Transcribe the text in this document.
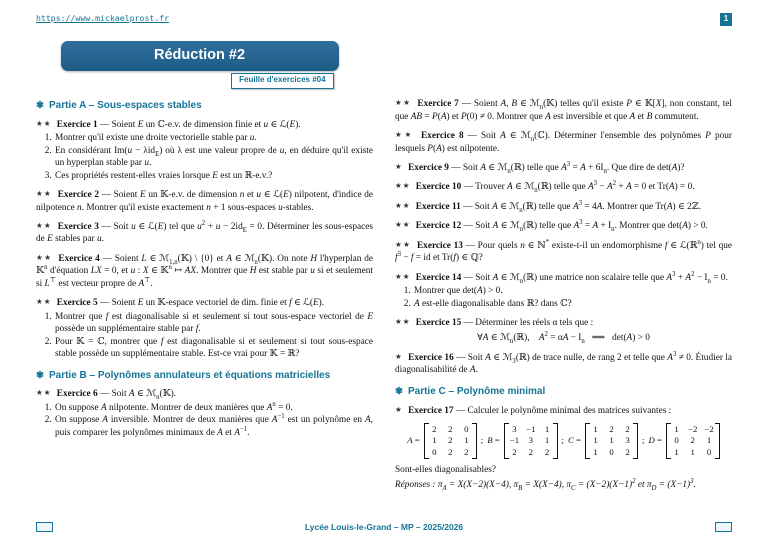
https://www.mickaelprost.fr	1
Réduction #2
Feuille d'exercices #04
✾ Partie A – Sous-espaces stables

★★ Exercice 1 — Soient E un ℂ-e.v. de dimension finie et u ∈ ℒ(E).

1. Montrer qu'il existe une droite vectorielle stable par u.
2. En considérant Im(u − λid$_E$) où λ est une valeur propre de u, en déduire qu'il existe un hyperplan stable par u.
3. Ces propriétés restent-elles vraies lorsque E est un ℝ-e.v.?

★★ Exercice 2 — Soient E un 𝕂-e.v. de dimension n et u ∈ ℒ(E) nilpotent, d'indice de nilpotence n. Montrer qu'il existe exactement n + 1 sous-espaces u-stables.

★★ Exercice 3 — Soit u ∈ ℒ(E) tel que $u^2 + u - 2id_E = 0$. Déterminer les sous-espaces de E stables par u.

★★ Exercice 4 — Soient L ∈ ℳ$_{1,n}$(𝕂) \ {0} et A ∈ ℳ$_n$(𝕂). On note H l'hyperplan de 𝕂$^n$ d'équation LX = 0, et u : X ∈ 𝕂$^n$ ↦ AX. Montrer que H est stable par u si et seulement si L⊤ est vecteur propre de A⊤.

★★ Exercice 5 — Soient E un 𝕂-espace vectoriel de dim. finie et f ∈ ℒ(E).

1. Montrer que f est diagonalisable si et seulement si tout sous-espace vectoriel de E possède un supplémentaire stable par f.
2. Pour 𝕂 = ℂ, montrer que f est diagonalisable si et seulement si tout sous-espace stable possède un supplémentaire stable. Est-ce vrai pour 𝕂 = ℝ?
✾ Partie B – Polynômes annulateurs et équations matricielles

★★ Exercice 6 — Soit A ∈ ℳ$_n$(𝕂).

1. On suppose A nilpotente. Montrer de deux manières que $A^n = 0$.
2. On suppose A inversible. Montrer de deux manières que $A^{-1}$ est un polynôme en A, puis comparer les polynômes minimaux de A et $A^{-1}$.

★★ Exercice 7 — Soient A, B ∈ ℳ$_n$(𝕂) telles qu'il existe P ∈ 𝕂[X], non constant, tel que AB = P(A) et P(0) ≠ 0. Montrer que A est inversible et que A et B commutent.

★★ Exercice 8 — Soit A ∈ ℳ$_n$(ℂ). Déterminer l'ensemble des polynômes P pour lesquels P(A) est nilpotente.

★ Exercice 9 — Soit A ∈ ℳ$_n$(ℝ) telle que $A^3 = A + 6I_n$. Que dire de det(A)?

★★ Exercice 10 — Trouver A ∈ ℳ$_n$(ℝ) telle que $A^3 - A^2 + A = 0$ et Tr(A) = 0.

★★ Exercice 11 — Soit A ∈ ℳ$_n$(ℝ) telle que $A^3 = 4A$. Montrer que Tr(A) ∈ 2ℤ.

★★ Exercice 12 — Soit A ∈ ℳ$_n$(ℝ) telle que $A^3 = A + I_n$. Montrer que det(A) > 0.

★★ Exercice 13 — Pour quels n ∈ ℕ* existe-t-il un endomorphisme f ∈ ℒ(ℝ$^n$) tel que $f^3 - f$ = id et Tr(f) ∈ ℚ?

★★ Exercice 14 — Soit A ∈ ℳ$_n$(ℝ) une matrice non scalaire telle que $A^3 + A^2 - I_n = 0$.

1. Montrer que det(A) > 0.
2. A est-elle diagonalisable dans ℝ? dans ℂ?

★★ Exercice 15 — Déterminer les réels α tels que :

∀A ∈ ℳ$_n$(ℝ),    $A^2 = \alpha A - I_n$   ⟹   det(A) > 0

★ Exercice 16 — Soit A ∈ ℳ$_3$(ℝ) de trace nulle, de rang 2 et telle que $A^3 \ne 0$. Étudier la diagonalisabilité de A.

✾ Partie C – Polynôme minimal

★ Exercice 17 — Calculer le polynôme minimal des matrices suivantes :

A =
2 2 0
1 2 1
0 2 2
; B =
3 −1 1
−1 3 1
2 2 2
; C =
1 2 2
1 1 3
1 0 2
; D =
1 −2 −2
0 2 1
1 1 0

Sont-elles diagonalisables?

Réponses : $\pi_A = X(X-2)(X-4)$, $\pi_B = X(X-4)$, $\pi_C = (X-2)(X-1)^2$ et $\pi_D = (X-1)^3$.

Lycée Louis-le-Grand – MP – 2025/2026
